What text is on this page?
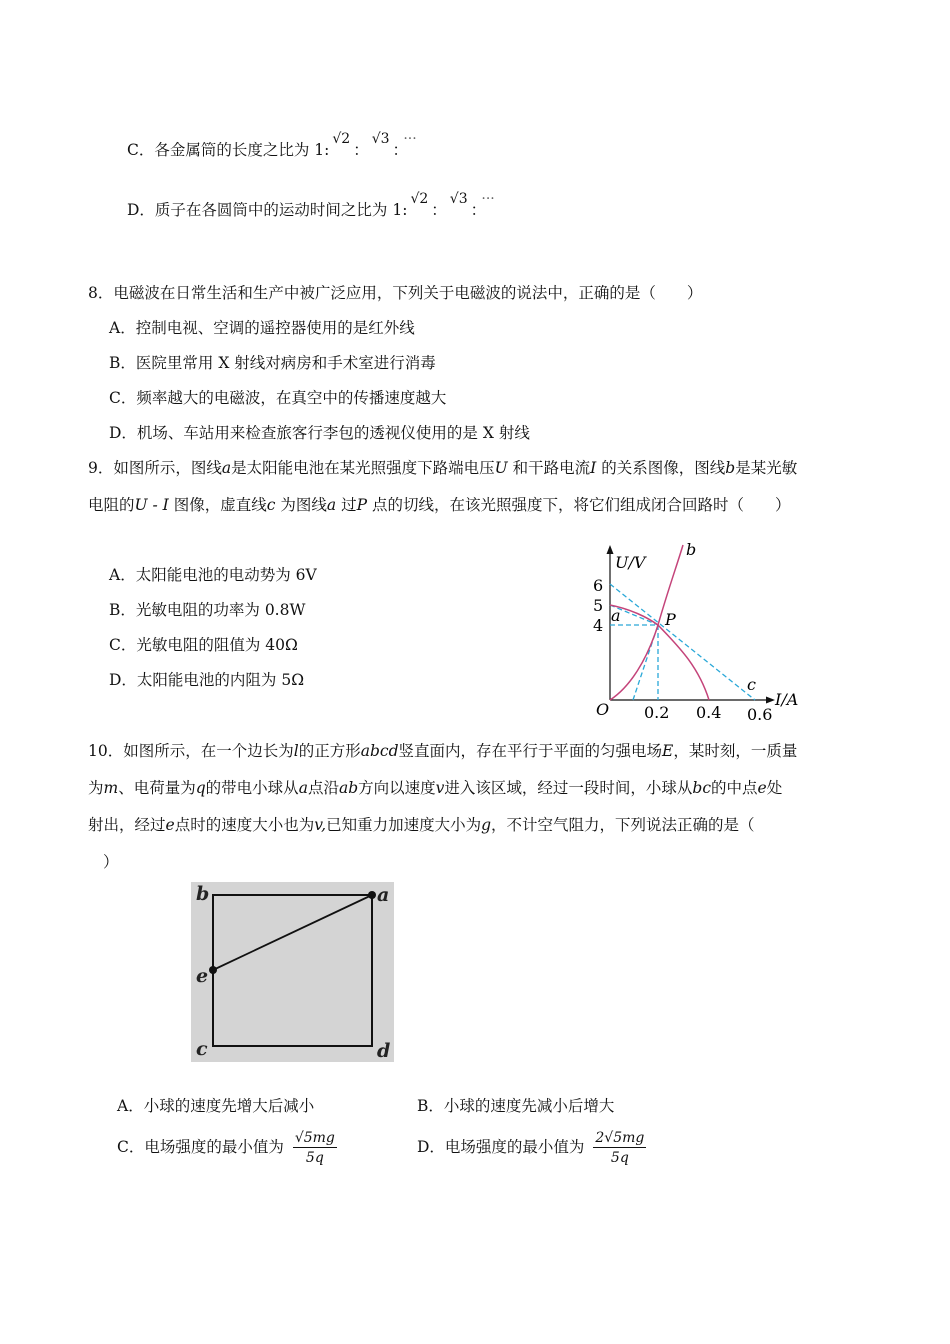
C．各金属筒的长度之比为 1:√2：√3：···
D．质子在各圆筒中的运动时间之比为 1:√2：√3：···
8．电磁波在日常生活和生产中被广泛应用，下列关于电磁波的说法中，正确的是（　　）
A．控制电视、空调的遥控器使用的是红外线
B．医院里常用 X 射线对病房和手术室进行消毒
C．频率越大的电磁波，在真空中的传播速度越大
D．机场、车站用来检查旅客行李包的透视仪使用的是 X 射线
9．如图所示，图线a是太阳能电池在某光照强度下路端电压U 和干路电流I 的关系图像，图线b是某光敏
电阻的U - I 图像，虚直线c 为图线a 过P 点的切线，在该光照强度下，将它们组成闭合回路时（　　）
A．太阳能电池的电动势为 6V
B．光敏电阻的功率为 0.8W
C．光敏电阻的阻值为 40Ω
D．太阳能电池的内阻为 5Ω
U/V
I/A
O
6
5
4
0.2 0.4 0.6
a
b
c
P
10．如图所示，在一个边长为l的正方形abcd竖直面内，存在平行于平面的匀强电场E，某时刻，一质量
为m、电荷量为q的带电小球从a点沿ab方向以速度v进入该区域，经过一段时间，小球从bc的中点e处
射出，经过e点时的速度大小也为v,已知重力加速度大小为g，不计空气阻力，下列说法正确的是（
）
b	a
e
c	d
A．小球的速度先增大后减小	B．小球的速度先减小后增大
C．电场强度的最小值为 $\frac{√5mg}{5q}$	D．电场强度的最小值为 $\frac{2√5mg}{5q}$
